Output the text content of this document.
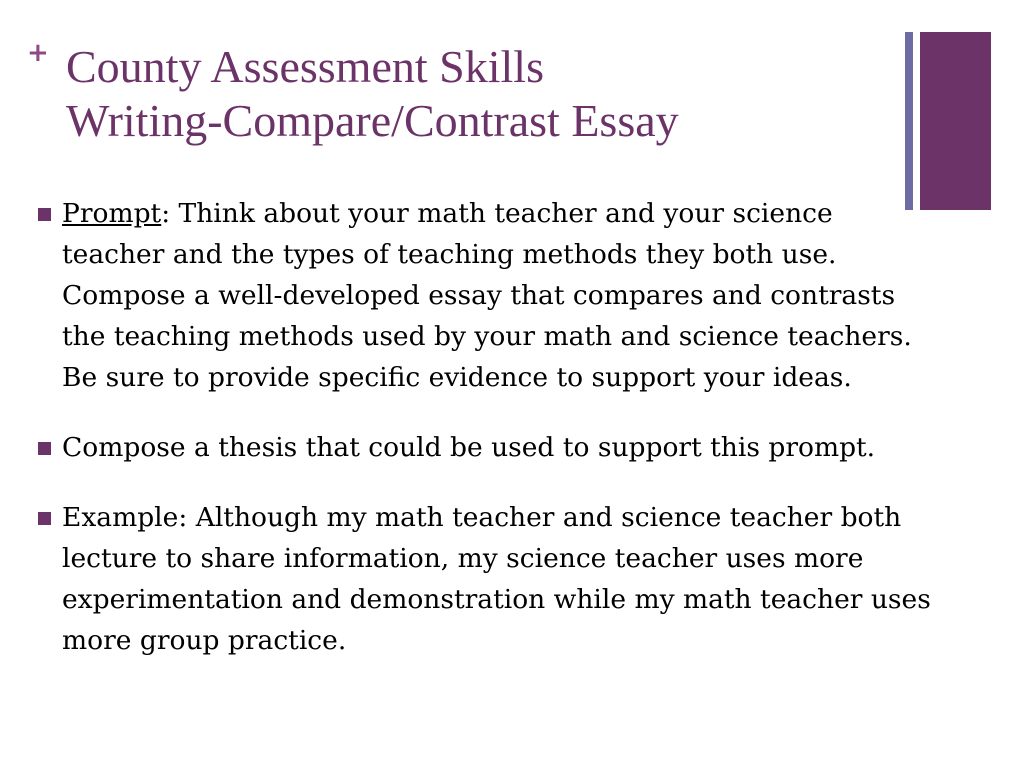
+ County Assessment Skills
Writing-Compare/Contrast Essay
Prompt: Think about your math teacher and your science teacher and the types of teaching methods they both use. Compose a well-developed essay that compares and contrasts the teaching methods used by your math and science teachers. Be sure to provide specific evidence to support your ideas.
Compose a thesis that could be used to support this prompt.
Example: Although my math teacher and science teacher both lecture to share information, my science teacher uses more experimentation and demonstration while my math teacher uses more group practice.
